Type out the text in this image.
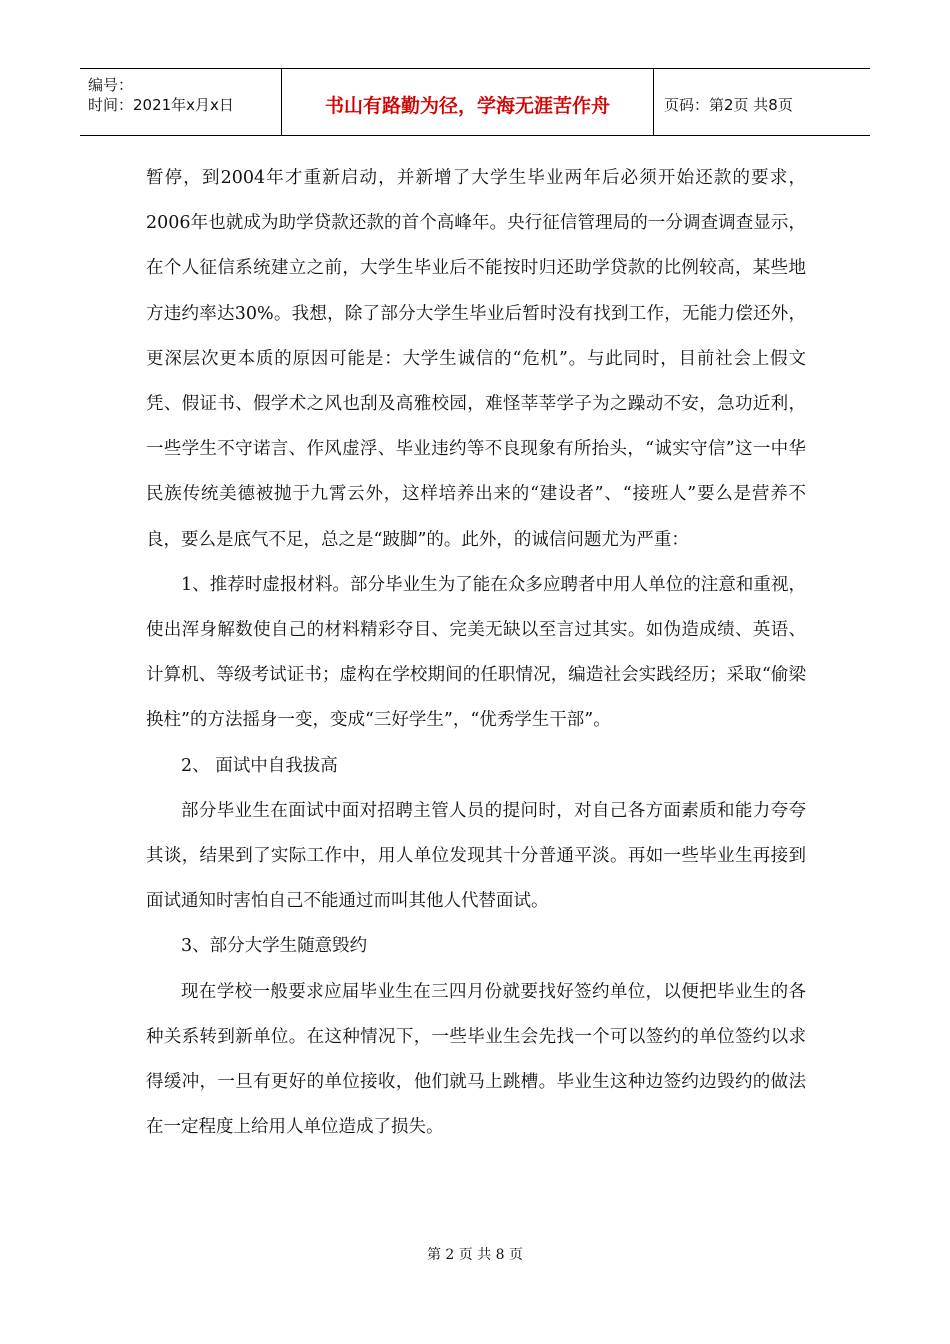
编号：
时间：2021年x月x日	书山有路勤为径，学海无涯苦作舟	页码：第2页 共8页

暂停，到2004年才重新启动，并新增了大学生毕业两年后必须开始还款的要求，2006年也就成为助学贷款还款的首个高峰年。央行征信管理局的一分调查调查显示，在个人征信系统建立之前，大学生毕业后不能按时归还助学贷款的比例较高，某些地方违约率达30%。我想，除了部分大学生毕业后暂时没有找到工作，无能力偿还外，更深层次更本质的原因可能是：大学生诚信的“危机”。与此同时，目前社会上假文凭、假证书、假学术之风也刮及高雅校园，难怪莘莘学子为之躁动不安，急功近利，一些学生不守诺言、作风虚浮、毕业违约等不良现象有所抬头，“诚实守信”这一中华民族传统美德被抛于九霄云外，这样培养出来的“建设者”、“接班人”要么是营养不良，要么是底气不足，总之是“跛脚”的。此外，的诚信问题尤为严重：

1、推荐时虚报材料。部分毕业生为了能在众多应聘者中用人单位的注意和重视，使出浑身解数使自己的材料精彩夺目、完美无缺以至言过其实。如伪造成绩、英语、计算机、等级考试证书；虚构在学校期间的任职情况，编造社会实践经历；采取“偷梁换柱”的方法摇身一变，变成“三好学生”，“优秀学生干部”。

2、 面试中自我拔高

部分毕业生在面试中面对招聘主管人员的提问时，对自己各方面素质和能力夸夸其谈，结果到了实际工作中，用人单位发现其十分普通平淡。再如一些毕业生再接到面试通知时害怕自己不能通过而叫其他人代替面试。

3、部分大学生随意毁约

现在学校一般要求应届毕业生在三四月份就要找好签约单位，以便把毕业生的各种关系转到新单位。在这种情况下，一些毕业生会先找一个可以签约的单位签约以求得缓冲，一旦有更好的单位接收，他们就马上跳槽。毕业生这种边签约边毁约的做法在一定程度上给用人单位造成了损失。

第 2 页 共 8 页
